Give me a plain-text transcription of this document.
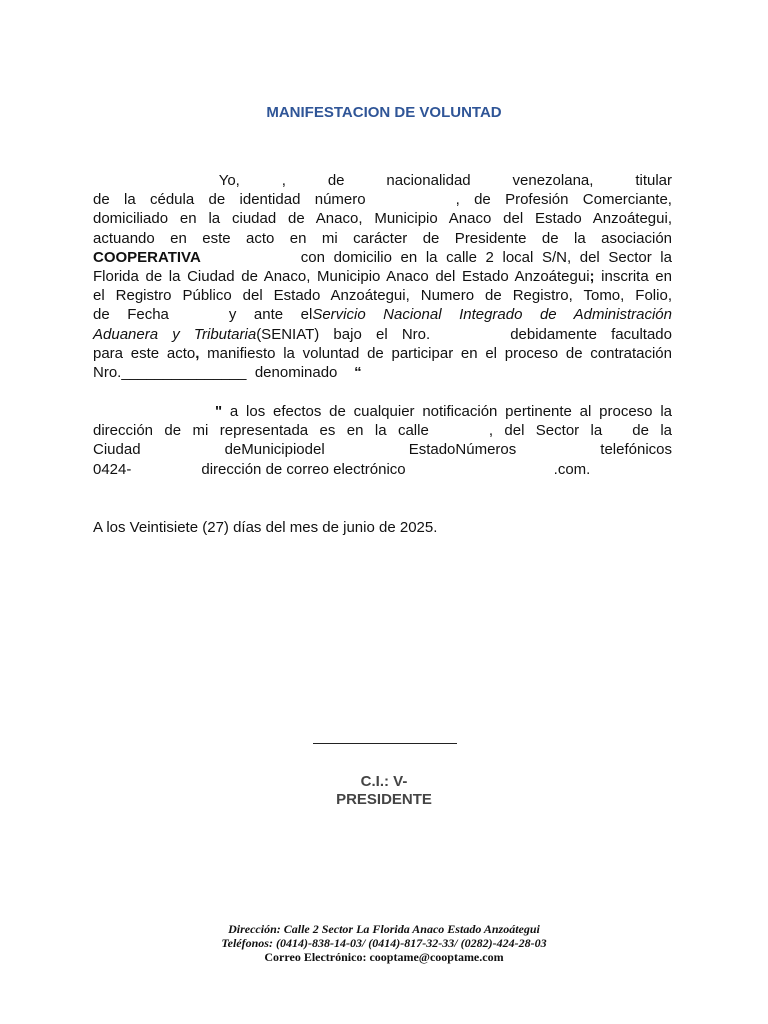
MANIFESTACION DE VOLUNTAD
Yo,	, de nacionalidad venezolana, titular
de la cédula de identidad número	, de Profesión Comerciante,
domiciliado en la ciudad de Anaco, Municipio Anaco del Estado Anzoátegui,
actuando en este acto en mi carácter de Presidente de la asociación
COOPERATIVA	con domicilio en la calle 2 local S/N, del Sector la
Florida de la Ciudad de Anaco, Municipio Anaco del Estado Anzoátegui; inscrita en
el Registro Público del Estado Anzoátegui, Numero de Registro, Tomo, Folio,
de Fecha	y ante elServicio Nacional Integrado de Administración
Aduanera y Tributaria(SENIAT) bajo el Nro.	debidamente facultado
para este acto, manifiesto la voluntad de participar en el proceso de contratación
Nro._______________ denominado “
" a los efectos de cualquier notificación pertinente al proceso la
dirección de mi representada es en la calle	, del Sector la de la
Ciudad deMunicipiodel EstadoNúmeros telefónicos
0424-	dirección de correo electrónico	.com.
A los Veintisiete (27) días del mes de junio de 2025.
C.I.: V-
PRESIDENTE
Dirección: Calle 2 Sector La Florida Anaco Estado Anzoátegui
Teléfonos: (0414)-838-14-03/ (0414)-817-32-33/ (0282)-424-28-03
Correo Electrónico: cooptame@cooptame.com
